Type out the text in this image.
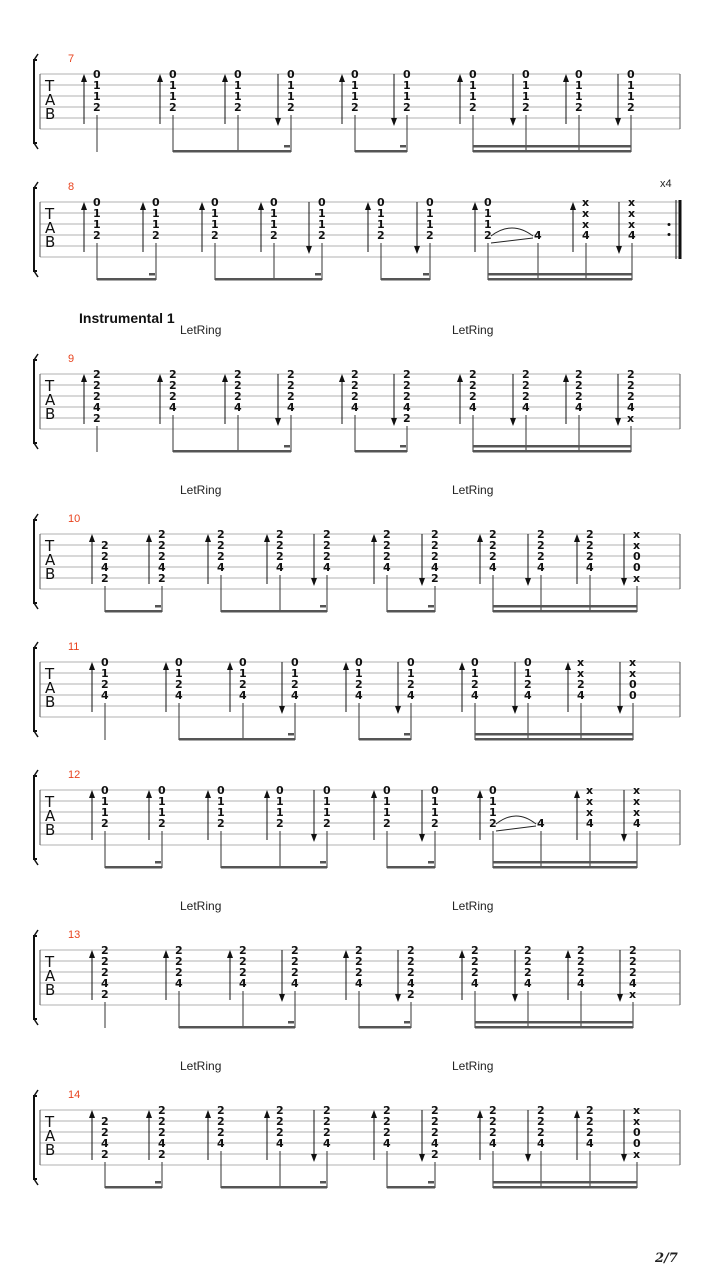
T
A
B
7
0
1
1
2
0
1
1
2
0
1
1
2
0
1
1
2
0
1
1
2
0
1
1
2
0
1
1
2
0
1
1
2
0
1
1
2
0
1
1
2
T
A
B
8	x4
0
1
1
2
0
1
1
2
0
1
1
2
0
1
1
2
0
1
1
2
0
1
1
2
0
1
1
2
0
1
1
2	4
x
x
x
4
x
x
x
4
T
A
B
9
LetRing	LetRing
2
2
2
4
2
2
2
2
4
2
2
2
4
2
2
2
4
2
2
2
4
2
2
2
4
2
2
2
2
4
2
2
2
4
2
2
2
4
2
2
2
4
x
T
A
B
10
LetRing	LetRing
2
2
4
2
2
2
2
4
2
2
2
2
4
2
2
2
4
2
2
2
4
2
2
2
4
2
2
2
4
2
2
2
2
4
2
2
2
4
2
2
2
4
x
x
0
0
x
T
A
B
11
0
1
2
4
0
1
2
4
0
1
2
4
0
1
2
4
0
1
2
4
0
1
2
4
0
1
2
4
0
1
2
4
x
x
2
4
x
x
0
0
T
A
B
12
0
1
1
2
0
1
1
2
0
1
1
2
0
1
1
2
0
1
1
2
0
1
1
2
0
1
1
2
0
1
1
2	4
x
x
x
4
x
x
x
4
T
A
B
13
LetRing	LetRing
2
2
2
4
2
2
2
2
4
2
2
2
4
2
2
2
4
2
2
2
4
2
2
2
4
2
2
2
2
4
2
2
2
4
2
2
2
4
2
2
2
4
x
T
A
B
14
LetRing	LetRing
2
2
4
2
2
2
2
4
2
2
2
2
4
2
2
2
4
2
2
2
4
2
2
2
4
2
2
2
4
2
2
2
2
4
2
2
2
4
2
2
2
4
x
x
0
0
x
Instrumental 1
2/7
